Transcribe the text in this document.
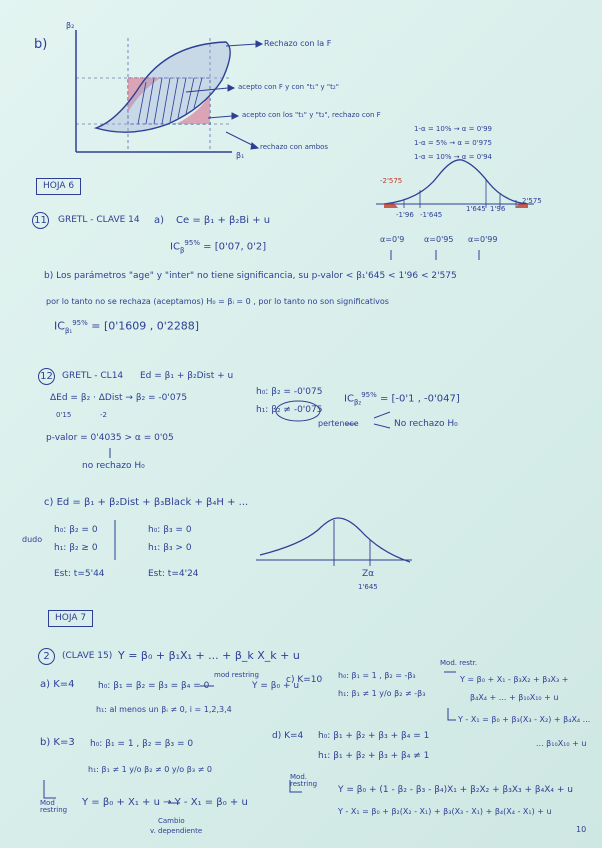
b)
β₂
β₁
Rechazo con la F
acepto con F y con "t₁" y "t₂"
acepto con los "t₁" y "t₂", rechazo con F
rechazo con ambos
HOJA 6
1-α = 10% → α = 0'99
1-α = 5% → α = 0'975
1-α = 10% → α = 0'94
-2'575
-1'96 -1'645
1'645 1'96
2'575
α=0'9 α=0'95 α=0'99
11 GRETL - CLAVE 14 a) Ce = β₁ + β₂Bi + u
$IC_\beta^{95\%} = [0'07$, 0'2]
b) Los parámetros "age" y "inter" no tiene significancia, su p-valor < β₁'645 < 1'96 < 2'575
por lo tanto no se rechaza (aceptamos) H₀ = βᵢ = 0 , por lo tanto no son significativos
$IC_{\beta_1}^{95\%} = [0'1609$ , 0'2288]
12 GRETL - CL14 Ed = β₁ + β₂Dist + u
ΔEd = β₂ · ΔDist → β₂ = -0'075
0'15	-2
h₀: β₂ = -0'075
h₁: β₂ ≠ -0'075
$IC_{\beta_2}^{95\%} = [-0'1$ , -0'047]
pertenece	No rechazo H₀
p-valor = 0'4035 > α = 0'05
no rechazo H₀
c) Ed = β₁ + β₂Dist + β₃Black + β₄H + ...
dudo
h₀: β₂ = 0
h₁: β₂ ≥ 0
h₀: β₃ = 0
h₁: β₃ > 0
Est: t=5'44	Est: t=4'24	Zα
1'645
HOJA 7
2	(CLAVE 15) Y = β₀ + β₁X₁ + ... + β_k X_k + u
a) K=4	h₀: β₁ = β₂ = β₃ = β₄ = 0
mod restring
Y = β₀ + u
h₁: al menos un βᵢ ≠ 0, i = 1,2,3,4
c) K=10 h₀: β₁ = 1 , β₂ = -β₃
h₁: β₁ ≠ 1 y/o β₂ ≠ -β₃
Mod. restr.
Y = β₀ + X₁ - β₃X₂ + β₃X₃ +
β₄X₄ + ... + β₁₀X₁₀ + u
Y - X₁ = β₀ + β₃(X₃ - X₂) + β₄X₄ ...
... β₁₀X₁₀ + u
b) K=3 h₀: β₁ = 1 , β₂ = β₃ = 0
h₁: β₁ ≠ 1 y/o β₂ ≠ 0 y/o β₃ ≠ 0
Mod restring
Y = β₀ + X₁ + u → Y - X₁ = β₀ + u
Cambio
v. dependiente
d) K=4 h₀: β₁ + β₂ + β₃ + β₄ = 1
h₁: β₁ + β₂ + β₃ + β₄ ≠ 1
Mod. restring
Y = β₀ + (1 - β₂ - β₃ - β₄)X₁ + β₂X₂ + β₃X₃ + β₄X₄ + u
Y - X₁ = β₀ + β₂(X₂ - X₁) + β₃(X₃ - X₁) + β₄(X₄ - X₁) + u
10
